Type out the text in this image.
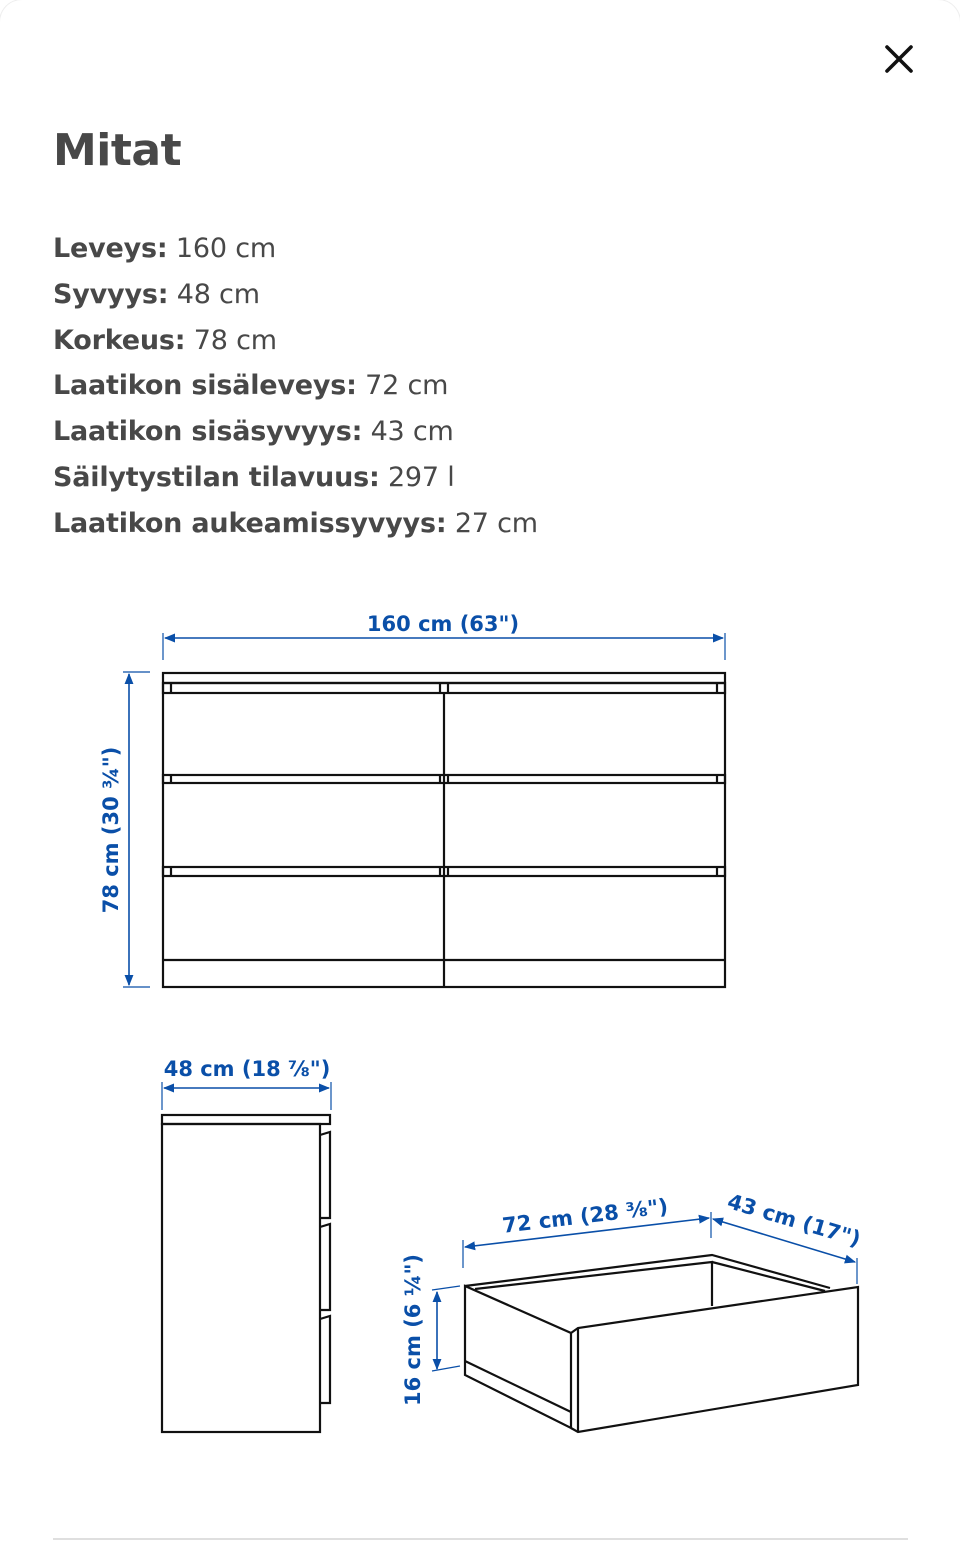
Mitat
Leveys: 160 cm
Syvyys: 48 cm
Korkeus: 78 cm
Laatikon sisäleveys: 72 cm
Laatikon sisäsyvyys: 43 cm
Säilytystilan tilavuus: 297 l
Laatikon aukeamissyvyys: 27 cm
160 cm (63")
78 cm (30 ¾")
48 cm (18 ⅞")
72 cm (28 ⅜")	43 cm (17")
16 cm (6 ¼")
